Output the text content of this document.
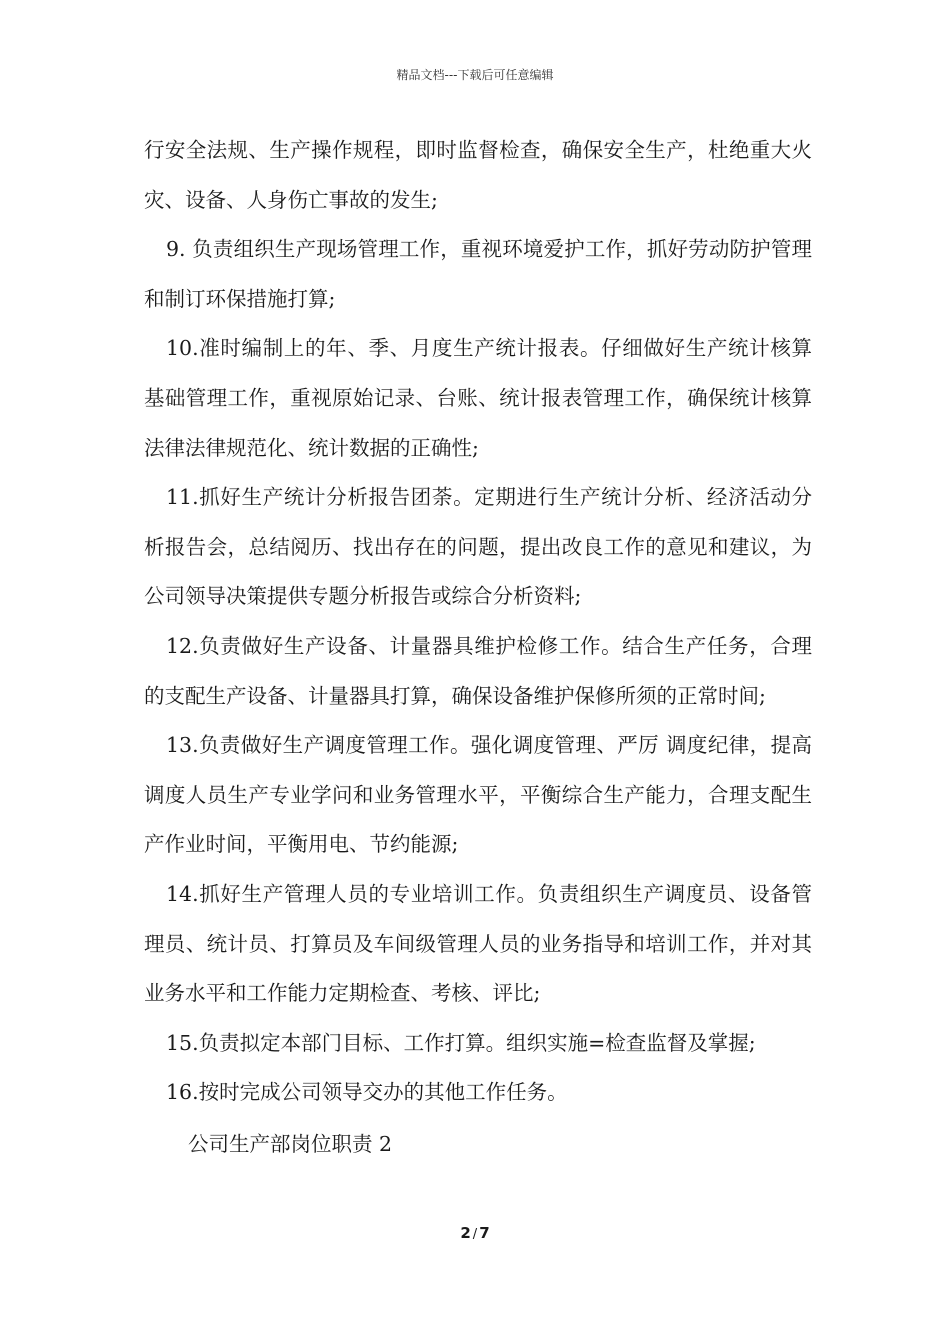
精品文档---下载后可任意编辑

行安全法规、生产操作规程，即时监督检查，确保安全生产，杜绝重大火灾、设备、人身伤亡事故的发生;

9. 负责组织生产现场管理工作，重视环境爱护工作，抓好劳动防护管理和制订环保措施打算;

10.准时编制上的年、季、月度生产统计报表。仔细做好生产统计核算基础管理工作，重视原始记录、台账、统计报表管理工作，确保统计核算法律法律规范化、统计数据的正确性;

11.抓好生产统计分析报告团荼。定期进行生产统计分析、经济活动分析报告会，总结阅历、找出存在的问题，提出改良工作的意见和建议，为公司领导决策提供专题分析报告或综合分析资料;

12.负责做好生产设备、计量器具维护检修工作。结合生产任务，合理的支配生产设备、计量器具打算，确保设备维护保修所须的正常时间;

13.负责做好生产调度管理工作。强化调度管理、严厉 调度纪律，提高调度人员生产专业学问和业务管理水平，平衡综合生产能力，合理支配生产作业时间，平衡用电、节约能源;

14.抓好生产管理人员的专业培训工作。负责组织生产调度员、设备管理员、统计员、打算员及车间级管理人员的业务指导和培训工作，并对其业务水平和工作能力定期检查、考核、评比;

15.负责拟定本部门目标、工作打算。组织实施=检查监督及掌握;

16.按时完成公司领导交办的其他工作任务。

公司生产部岗位职责 2

2 / 7
